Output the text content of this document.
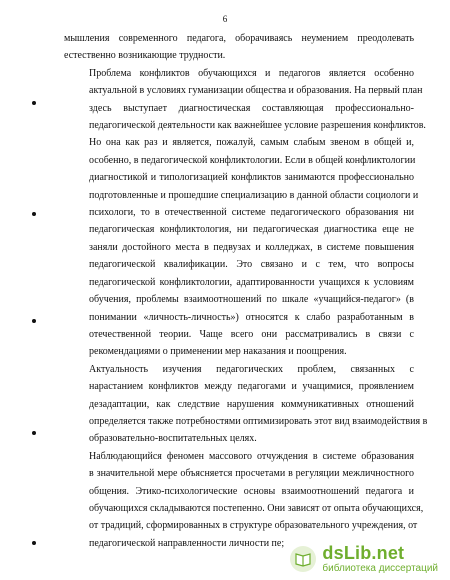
6

мышления современного педагога, оборачиваясь неумением преодолевать
естественно возникающие трудности.

Проблема конфликтов обучающихся и педагогов является особенно
актуальной в условиях гуманизации общества и образования. На первый план
здесь выступает диагностическая составляющая профессионально-
педагогической деятельности как важнейшее условие разрешения конфликтов.
Но она как раз и является, пожалуй, самым слабым звеном в общей и,
особенно, в педагогической конфликтологии. Если в общей конфликтологии
диагностикой и типологизацией конфликтов занимаются профессионально
подготовленные и прошедшие специализацию в данной области социологи и
психологи, то в отечественной системе педагогического образования ни
педагогическая конфликтология, ни педагогическая диагностика еще не
заняли достойного места в педвузах и колледжах, в системе повышения
педагогической квалификации. Это связано и с тем, что вопросы
педагогической конфликтологии, адаптированности учащихся к условиям
обучения, проблемы взаимоотношений по шкале «учащийся-педагог» (в
понимании «личность-личность») относятся к слабо разработанным в
отечественной теории. Чаще всего они рассматривались в связи с
рекомендациями о применении мер наказания и поощрения.

Актуальность изучения педагогических проблем, связанных с
нарастанием конфликтов между педагогами и учащимися, проявлением
дезадаптации, как следствие нарушения коммуникативных отношений
определяется также потребностями оптимизировать этот вид взаимодействия в
образовательно-воспитательных целях.

Наблюдающийся феномен массового отчуждения в системе образования
в значительной мере объясняется просчетами в регуляции межличностного
общения. Этико-психологические основы взаимоотношений педагога и
обучающихся складываются постепенно. Они зависят от опыта обучающихся,
от традиций, сформированных в структуре образовательного учреждения, от
педагогической направленности личности пе;	dsLib.net
библиотека диссертаций
